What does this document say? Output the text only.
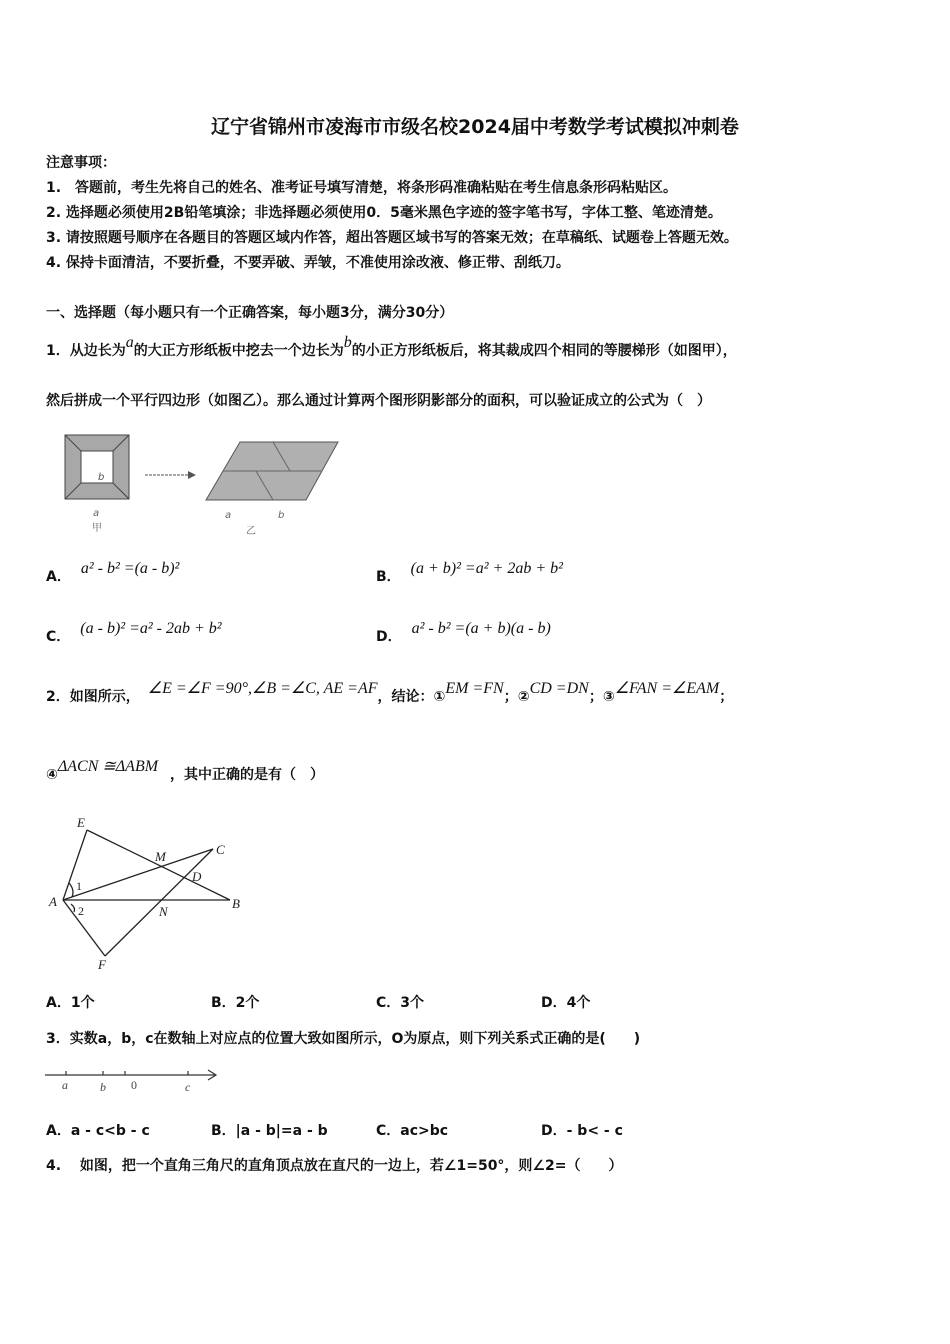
辽宁省锦州市凌海市市级名校2024届中考数学考试模拟冲刺卷
注意事项：
1.　答题前，考生先将自己的姓名、准考证号填写清楚，将条形码准确粘贴在考生信息条形码粘贴区。
2. 选择题必须使用2B铅笔填涂；非选择题必须使用0．5毫米黑色字迹的签字笔书写，字体工整、笔迹清楚。
3. 请按照题号顺序在各题目的答题区域内作答，超出答题区域书写的答案无效；在草稿纸、试题卷上答题无效。
4. 保持卡面清洁，不要折叠，不要弄破、弄皱，不准使用涂改液、修正带、刮纸刀。
一、选择题（每小题只有一个正确答案，每小题3分，满分30分）
1．从边长为a的大正方形纸板中挖去一个边长为b的小正方形纸板后，将其裁成四个相同的等腰梯形（如图甲），
然后拼成一个平行四边形（如图乙）。那么通过计算两个图形阴影部分的面积，可以验证成立的公式为（　）
b
a
甲
a	b
乙
A． a² - b² =(a - b)²	B． (a + b)² =a² + 2ab + b²
C． (a - b)² =a² - 2ab + b²	D． a² - b² =(a + b)(a - b)
2．如图所示， ∠E =∠F =90°,∠B =∠C, AE =AF，结论：①EM =FN；②CD =DN；③∠FAN =∠EAM；
④ΔACN ≅ΔABM ，其中正确的是有（　）
E
M	C
D
A
N
B
F
1
2
A．1个	B．2个	C．3个	D．4个
3．实数a，b，c在数轴上对应点的位置大致如图所示，O为原点，则下列关系式正确的是(　　)
a	b 0	c
A．a - c<b - c	B．|a - b|=a - b	C．ac>bc	D．- b< - c
4.　 如图，把一个直角三角尺的直角顶点放在直尺的一边上，若∠1=50°，则∠2=（　　）
